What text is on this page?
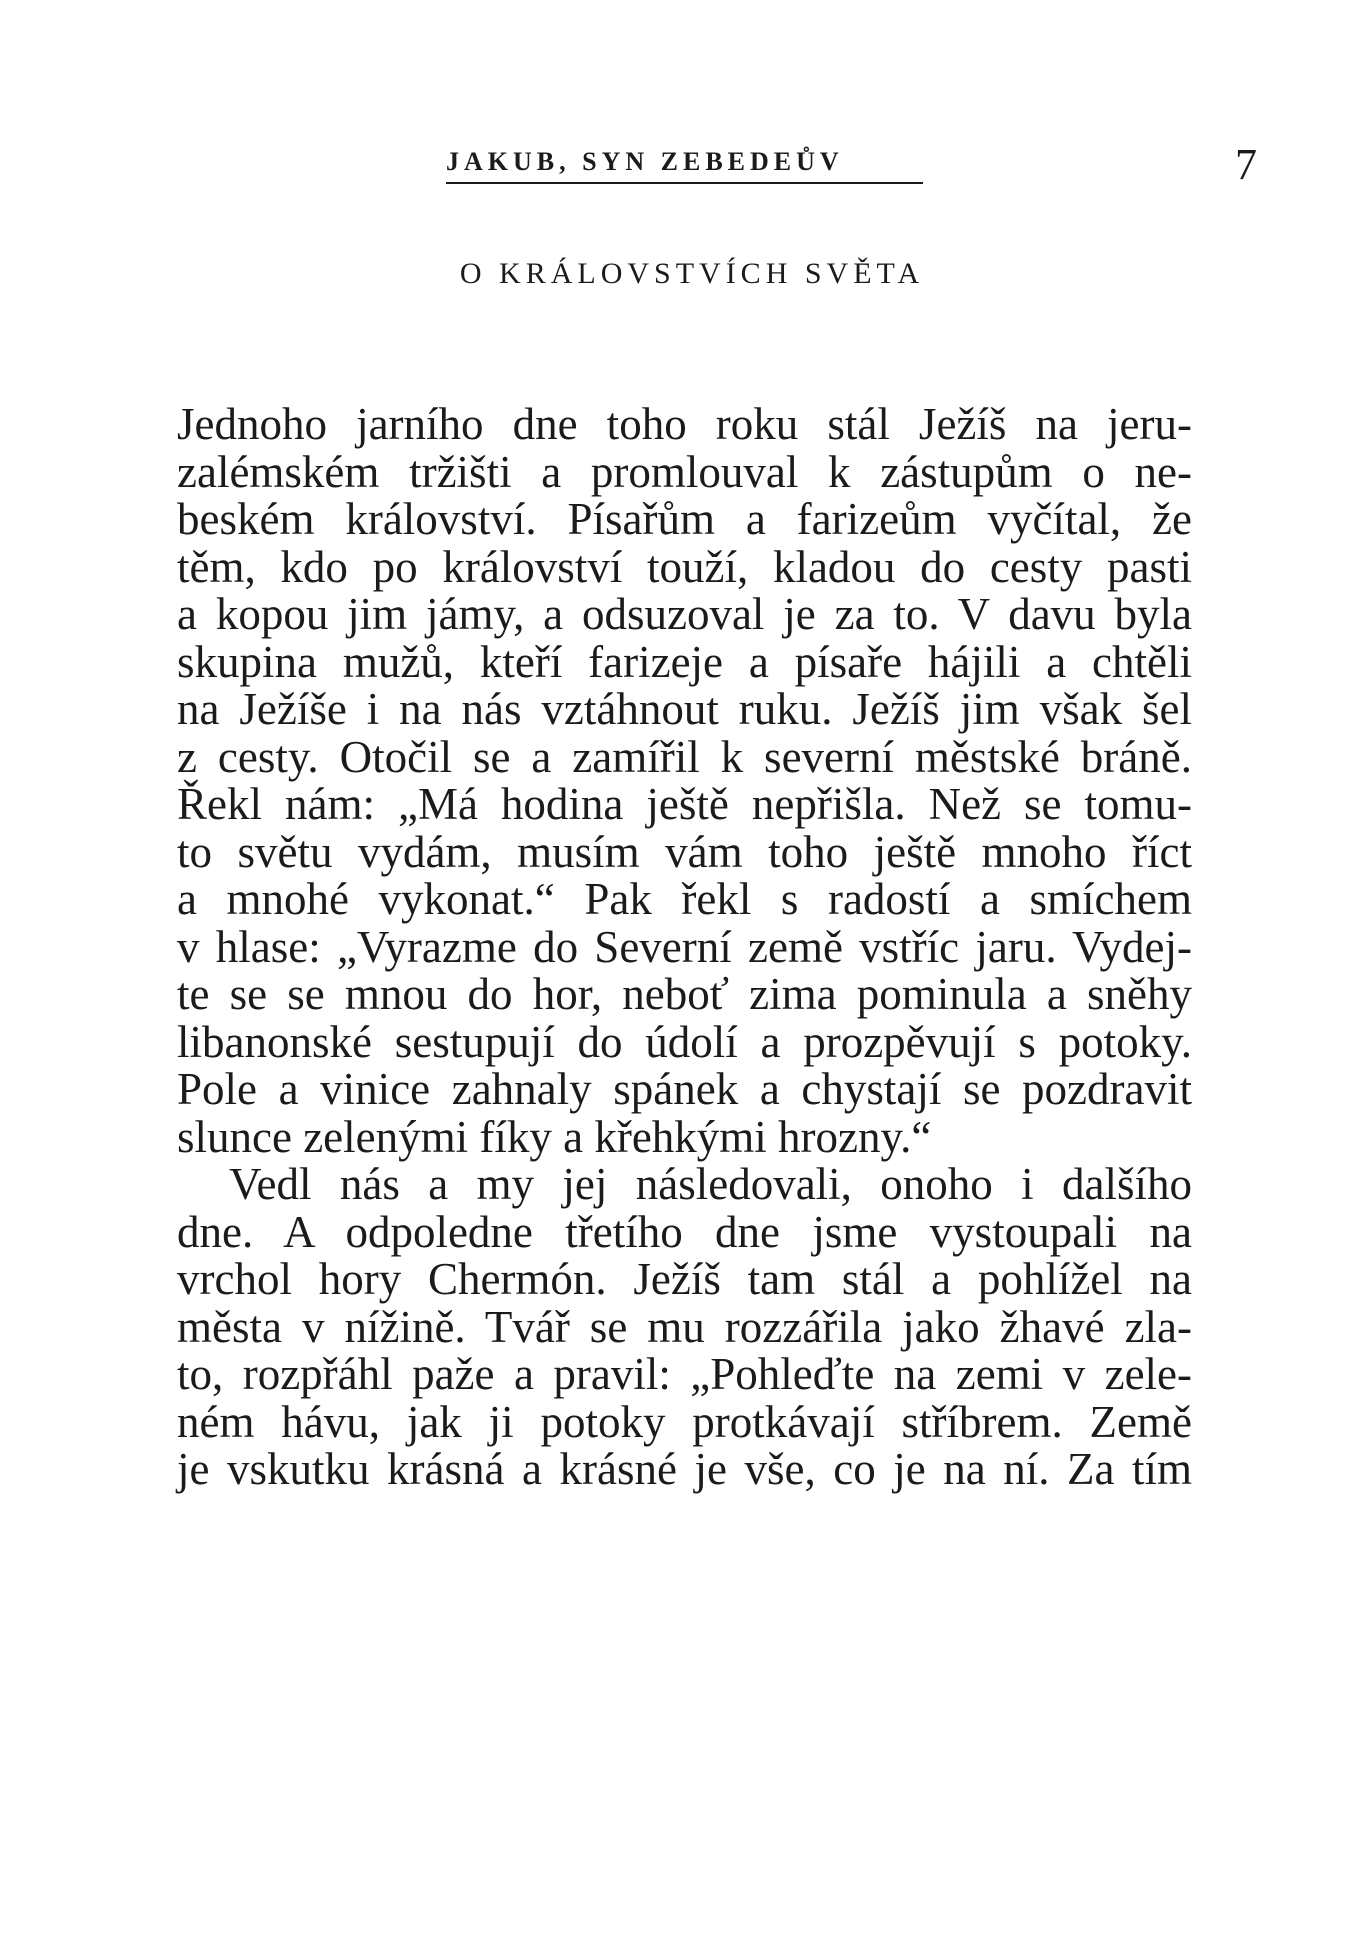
JAKUB, SYN ZEBEDEŮV	7
O KRÁLOVSTVÍCH SVĚTA
Jednoho jarního dne toho roku stál Ježíš na jeru-
zalémském tržišti a promlouval k zástupům o ne-
beském království. Písařům a farizeům vyčítal, že
těm, kdo po království touží, kladou do cesty pasti
a kopou jim jámy, a odsuzoval je za to. V davu byla
skupina mužů, kteří farizeje a písaře hájili a chtěli
na Ježíše i na nás vztáhnout ruku. Ježíš jim však šel
z cesty. Otočil se a zamířil k severní městské bráně.
Řekl nám: „Má hodina ještě nepřišla. Než se tomu-
to světu vydám, musím vám toho ještě mnoho říct
a mnohé vykonat.“ Pak řekl s radostí a smíchem
v hlase: „Vyrazme do Severní země vstříc jaru. Vydej-
te se se mnou do hor, neboť zima pominula a sněhy
libanonské sestupují do údolí a prozpěvují s potoky.
Pole a vinice zahnaly spánek a chystají se pozdravit
slunce zelenými fíky a křehkými hrozny.“
Vedl nás a my jej následovali, onoho i dalšího
dne. A odpoledne třetího dne jsme vystoupali na
vrchol hory Chermón. Ježíš tam stál a pohlížel na
města v nížině. Tvář se mu rozzářila jako žhavé zla-
to, rozpřáhl paže a pravil: „Pohleďte na zemi v zele-
ném hávu, jak ji potoky protkávají stříbrem. Země
je vskutku krásná a krásné je vše, co je na ní. Za tím
